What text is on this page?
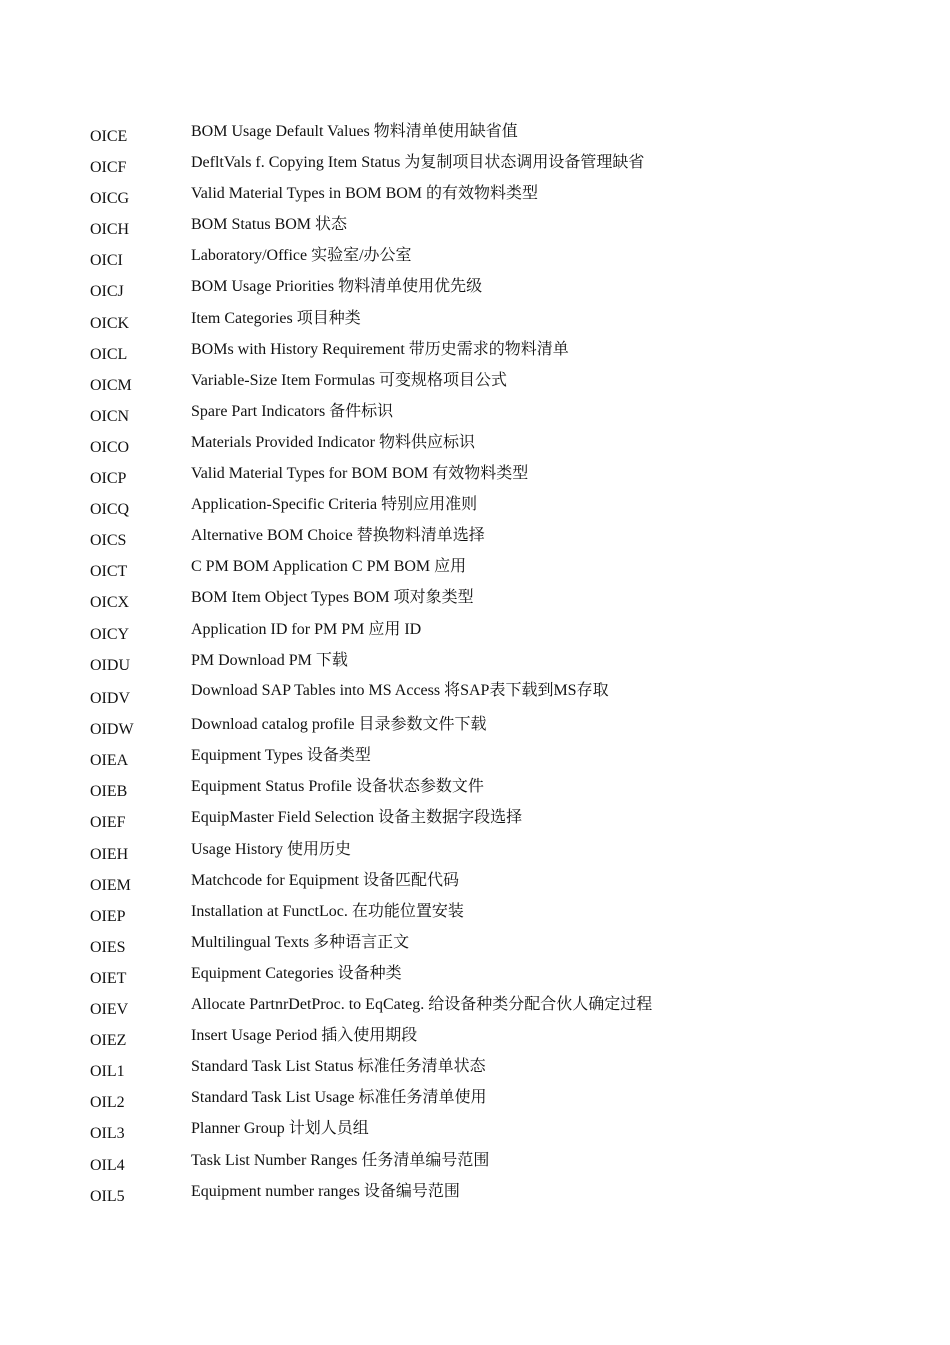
OICE	BOM Usage Default Values 物料清单使用缺省值
OICF	DefltVals f. Copying Item Status 为复制项目状态调用设备管理缺省
OICG	Valid Material Types in BOM BOM 的有效物料类型
OICH	BOM Status BOM 状态
OICI	Laboratory/Office 实验室/办公室
OICJ	BOM Usage Priorities 物料清单使用优先级
OICK	Item Categories 项目种类
OICL	BOMs with History Requirement 带历史需求的物料清单
OICM	Variable-Size Item Formulas 可变规格项目公式
OICN	Spare Part Indicators 备件标识
OICO	Materials Provided Indicator 物料供应标识
OICP	Valid Material Types for BOM BOM 有效物料类型
OICQ	Application-Specific Criteria 特别应用准则
OICS	Alternative BOM Choice 替换物料清单选择
OICT	C PM BOM Application C PM BOM 应用
OICX	BOM Item Object Types BOM 项对象类型
OICY	Application ID for PM PM 应用 ID
OIDU	PM Download PM 下载
OIDV	Download SAP Tables into MS Access 将SAP表下载到MS存取
OIDW	Download catalog profile 目录参数文件下载
OIEA	Equipment Types 设备类型
OIEB	Equipment Status Profile 设备状态参数文件
OIEF	EquipMaster Field Selection 设备主数据字段选择
OIEH	Usage History 使用历史
OIEM	Matchcode for Equipment 设备匹配代码
OIEP	Installation at FunctLoc. 在功能位置安装
OIES	Multilingual Texts 多种语言正文
OIET	Equipment Categories 设备种类
OIEV	Allocate PartnrDetProc. to EqCateg. 给设备种类分配合伙人确定过程
OIEZ	Insert Usage Period 插入使用期段
OIL1	Standard Task List Status 标准任务清单状态
OIL2	Standard Task List Usage 标准任务清单使用
OIL3	Planner Group 计划人员组
OIL4	Task List Number Ranges 任务清单编号范围
OIL5	Equipment number ranges 设备编号范围
